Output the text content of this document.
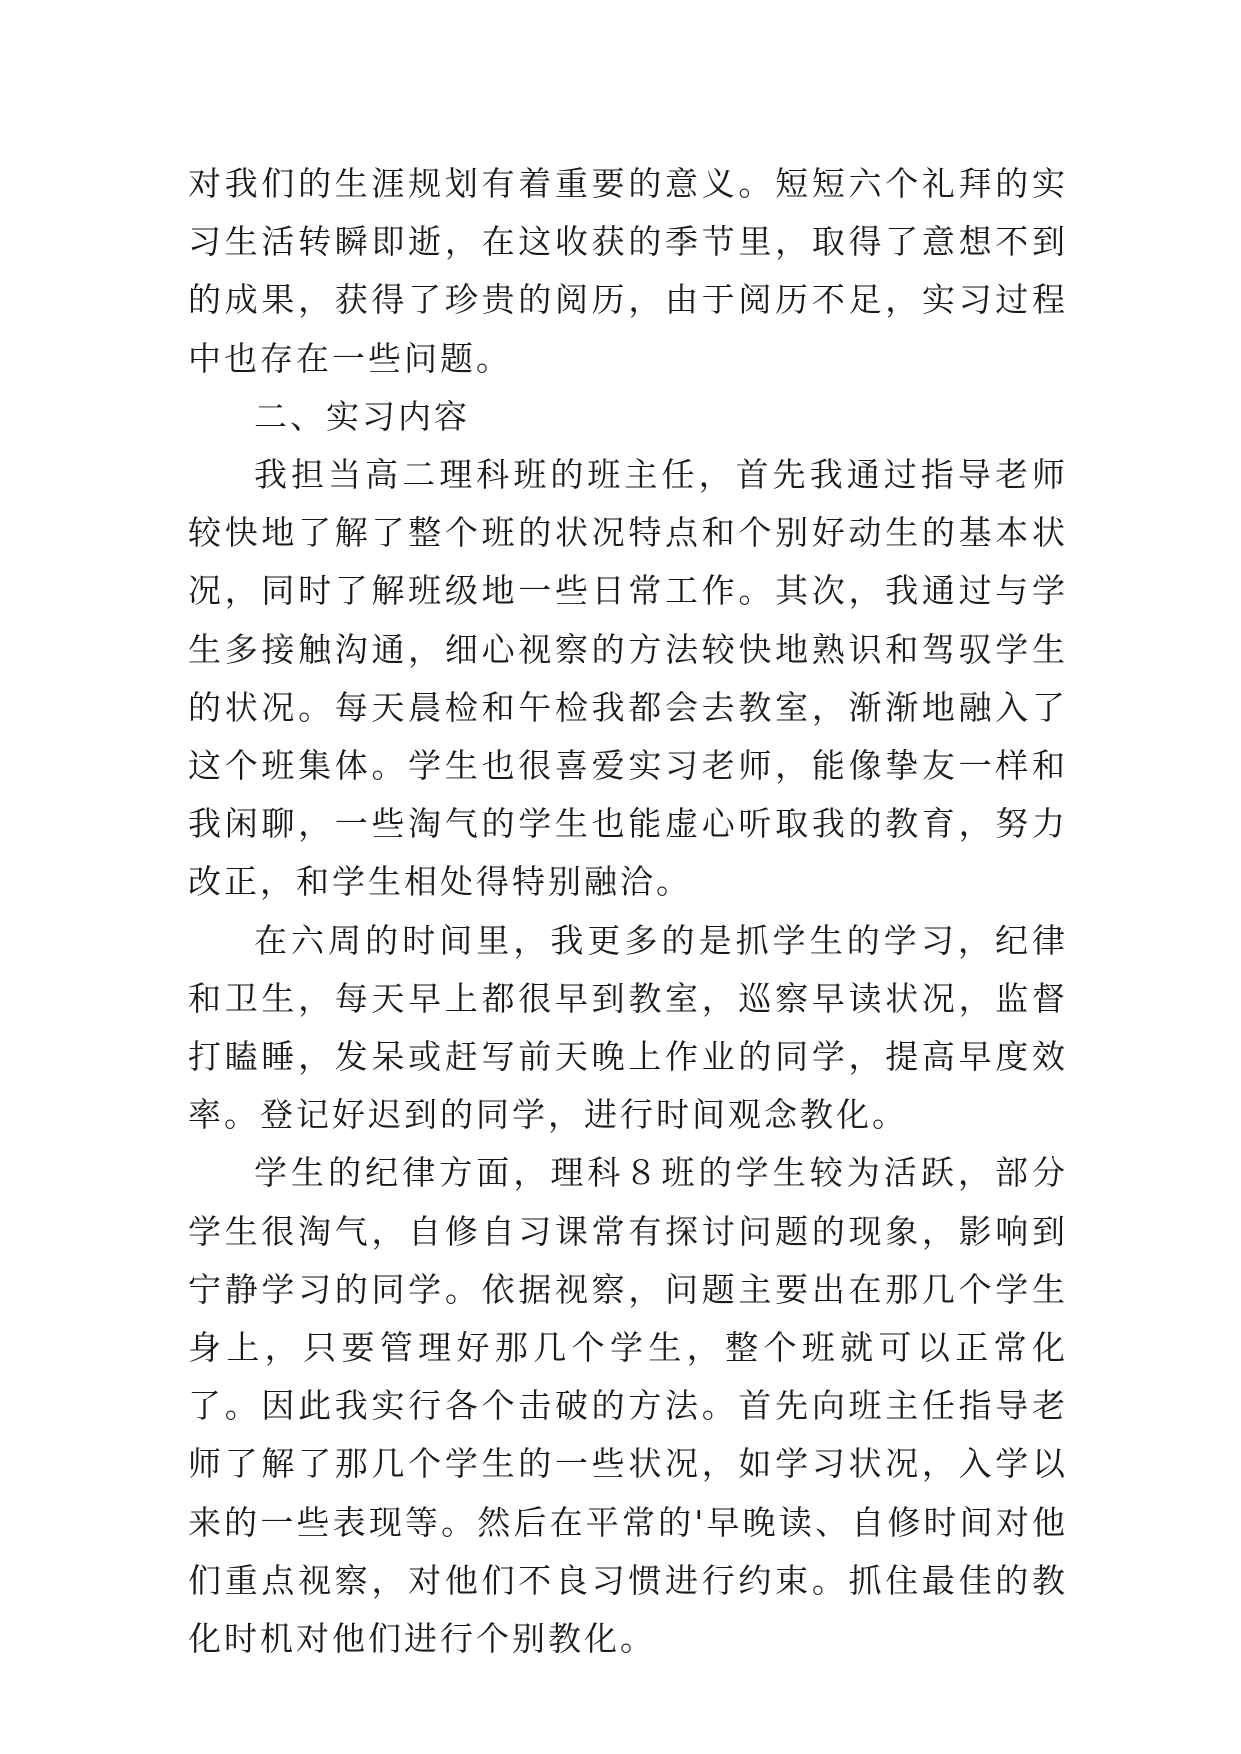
对我们的生涯规划有着重要的意义。短短六个礼拜的实习生活转瞬即逝，在这收获的季节里，取得了意想不到的成果，获得了珍贵的阅历，由于阅历不足，实习过程中也存在一些问题。

二、实习内容

我担当高二理科班的班主任，首先我通过指导老师较快地了解了整个班的状况特点和个别好动生的基本状况，同时了解班级地一些日常工作。其次，我通过与学生多接触沟通，细心视察的方法较快地熟识和驾驭学生的状况。每天晨检和午检我都会去教室，渐渐地融入了这个班集体。学生也很喜爱实习老师，能像挚友一样和我闲聊，一些淘气的学生也能虚心听取我的教育，努力改正，和学生相处得特别融洽。

在六周的时间里，我更多的是抓学生的学习，纪律和卫生，每天早上都很早到教室，巡察早读状况，监督打瞌睡，发呆或赶写前天晚上作业的同学，提高早度效率。登记好迟到的同学，进行时间观念教化。

学生的纪律方面，理科８班的学生较为活跃，部分学生很淘气，自修自习课常有探讨问题的现象，影响到宁静学习的同学。依据视察，问题主要出在那几个学生身上，只要管理好那几个学生，整个班就可以正常化了。因此我实行各个击破的方法。首先向班主任指导老师了解了那几个学生的一些状况，如学习状况，入学以来的一些表现等。然后在平常的'早晚读、自修时间对他们重点视察，对他们不良习惯进行约束。抓住最佳的教化时机对他们进行个别教化。
